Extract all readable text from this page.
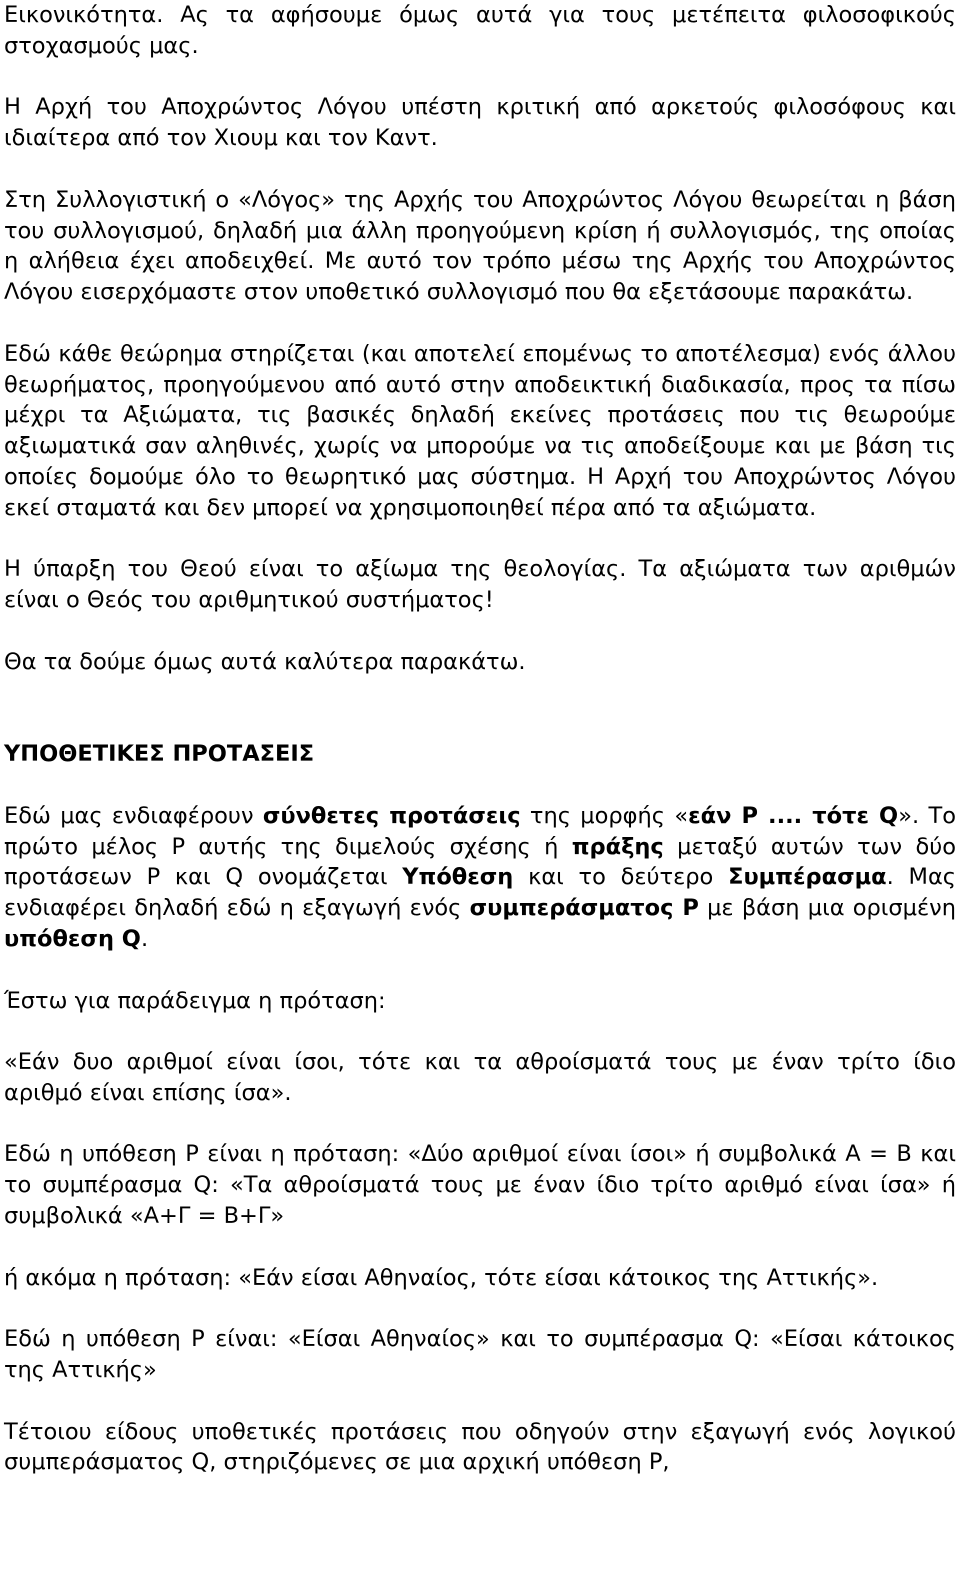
Εικονικότητα. Ας τα αφήσουμε όμως αυτά για τους μετέπειτα φιλοσοφικούς στοχασμούς μας.

Η Αρχή του Αποχρώντος Λόγου υπέστη κριτική από αρκετούς φιλοσόφους και ιδιαίτερα από τον Χιουμ και τον Καντ.

Στη Συλλογιστική ο «Λόγος» της Αρχής του Αποχρώντος Λόγου θεωρείται η βάση του συλλογισμού, δηλαδή μια άλλη προηγούμενη κρίση ή συλλογισμός, της οποίας η αλήθεια έχει αποδειχθεί. Με αυτό τον τρόπο μέσω της Αρχής του Αποχρώντος Λόγου εισερχόμαστε στον υποθετικό συλλογισμό που θα εξετάσουμε παρακάτω.

Εδώ κάθε θεώρημα στηρίζεται (και αποτελεί επομένως το αποτέλεσμα) ενός άλλου θεωρήματος, προηγούμενου από αυτό στην αποδεικτική διαδικασία, προς τα πίσω μέχρι τα Αξιώματα, τις βασικές δηλαδή εκείνες προτάσεις που τις θεωρούμε αξιωματικά σαν αληθινές, χωρίς να μπορούμε να τις αποδείξουμε και με βάση τις οποίες δομούμε όλο το θεωρητικό μας σύστημα. Η Αρχή του Αποχρώντος Λόγου εκεί σταματά και δεν μπορεί να χρησιμοποιηθεί πέρα από τα αξιώματα.

Η ύπαρξη του Θεού είναι το αξίωμα της θεολογίας. Τα αξιώματα των αριθμών είναι ο Θεός του αριθμητικού συστήματος!

Θα τα δούμε όμως αυτά καλύτερα παρακάτω.

ΥΠΟΘΕΤΙΚΕΣ ΠΡΟΤΑΣΕΙΣ

Εδώ μας ενδιαφέρουν σύνθετες προτάσεις της μορφής «εάν P .... τότε Q». Το πρώτο μέλος P αυτής της διμελούς σχέσης ή πράξης μεταξύ αυτών των δύο προτάσεων P και Q ονομάζεται Υπόθεση και το δεύτερο Συμπέρασμα. Μας ενδιαφέρει δηλαδή εδώ η εξαγωγή ενός συμπεράσματος P με βάση μια ορισμένη υπόθεση Q.

Έστω για παράδειγμα η πρόταση:

«Εάν δυο αριθμοί είναι ίσοι, τότε και τα αθροίσματά τους με έναν τρίτο ίδιο αριθμό είναι επίσης ίσα».

Εδώ η υπόθεση P είναι η πρόταση: «Δύο αριθμοί είναι ίσοι» ή συμβολικά Α = Β και το συμπέρασμα Q: «Τα αθροίσματά τους με έναν ίδιο τρίτο αριθμό είναι ίσα» ή συμβολικά «Α+Γ = Β+Γ»

ή ακόμα η πρόταση: «Εάν είσαι Αθηναίος, τότε είσαι κάτοικος της Αττικής».

Εδώ η υπόθεση P είναι: «Είσαι Αθηναίος» και το συμπέρασμα Q: «Είσαι κάτοικος της Αττικής»

Τέτοιου είδους υποθετικές προτάσεις που οδηγούν στην εξαγωγή ενός λογικού συμπεράσματος Q, στηριζόμενες σε μια αρχική υπόθεση P,
